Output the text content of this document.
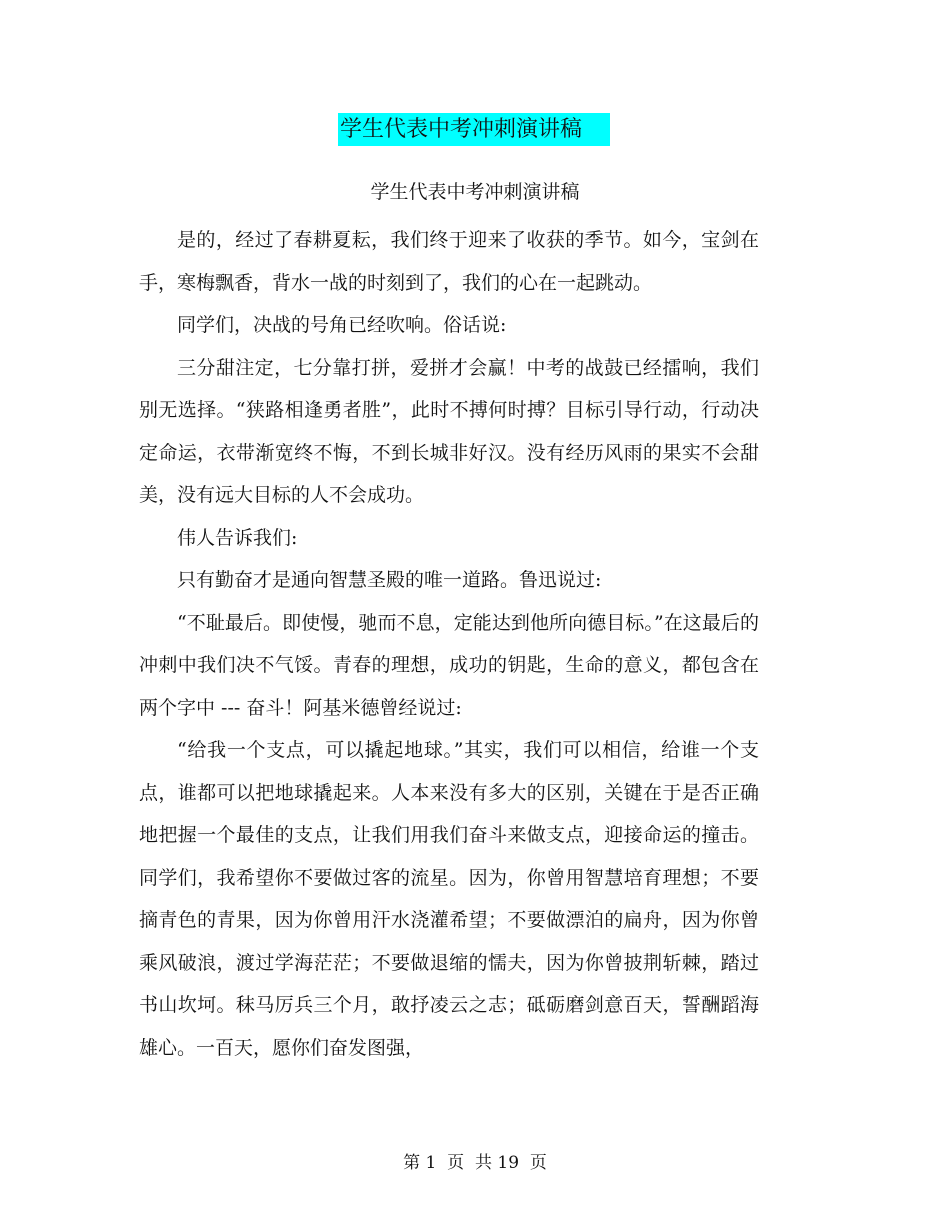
学生代表中考冲刺演讲稿
学生代表中考冲刺演讲稿

是的，经过了春耕夏耘，我们终于迎来了收获的季节。如今，宝剑在手，寒梅飘香，背水一战的时刻到了，我们的心在一起跳动。

同学们，决战的号角已经吹响。俗话说:

三分甜注定，七分靠打拼，爱拼才会赢！中考的战鼓已经擂响，我们别无选择。“狭路相逢勇者胜”，此时不搏何时搏？目标引导行动，行动决定命运，衣带渐宽终不悔，不到长城非好汉。没有经历风雨的果实不会甜美，没有远大目标的人不会成功。

伟人告诉我们:

只有勤奋才是通向智慧圣殿的唯一道路。鲁迅说过:

“不耻最后。即使慢，驰而不息，定能达到他所向德目标。”在这最后的冲刺中我们决不气馁。青春的理想，成功的钥匙，生命的意义，都包含在两个字中 --- 奋斗！阿基米德曾经说过:

“给我一个支点，可以撬起地球。”其实，我们可以相信，给谁一个支点，谁都可以把地球撬起来。人本来没有多大的区别，关键在于是否正确地把握一个最佳的支点，让我们用我们奋斗来做支点，迎接命运的撞击。同学们，我希望你不要做过客的流星。因为，你曾用智慧培育理想；不要摘青色的青果，因为你曾用汗水浇灌希望；不要做漂泊的扁舟，因为你曾乘风破浪，渡过学海茫茫；不要做退缩的懦夫，因为你曾披荆斩棘，踏过书山坎坷。秣马厉兵三个月，敢抒凌云之志；砥砺磨剑意百天，誓酬蹈海雄心。一百天，愿你们奋发图强，

第 1  页  共 19  页
